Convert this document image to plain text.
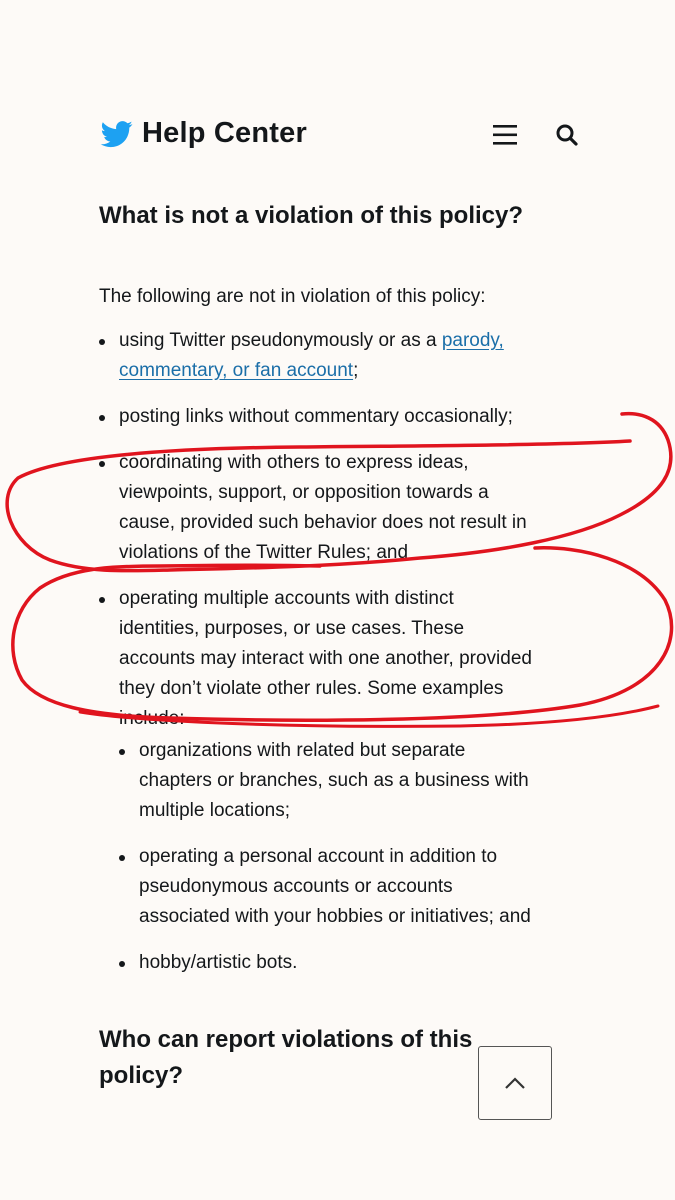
Help Center
What is not a violation of this policy?
The following are not in violation of this policy:
using Twitter pseudonymously or as a parody,
commentary, or fan account;
posting links without commentary occasionally;
coordinating with others to express ideas,
viewpoints, support, or opposition towards a
cause, provided such behavior does not result in
violations of the Twitter Rules; and
operating multiple accounts with distinct
identities, purposes, or use cases. These
accounts may interact with one another, provided
they don’t violate other rules. Some examples
include:
organizations with related but separate
chapters or branches, such as a business with
multiple locations;
operating a personal account in addition to
pseudonymous accounts or accounts
associated with your hobbies or initiatives; and
hobby/artistic bots.
Who can report violations of this
policy?
